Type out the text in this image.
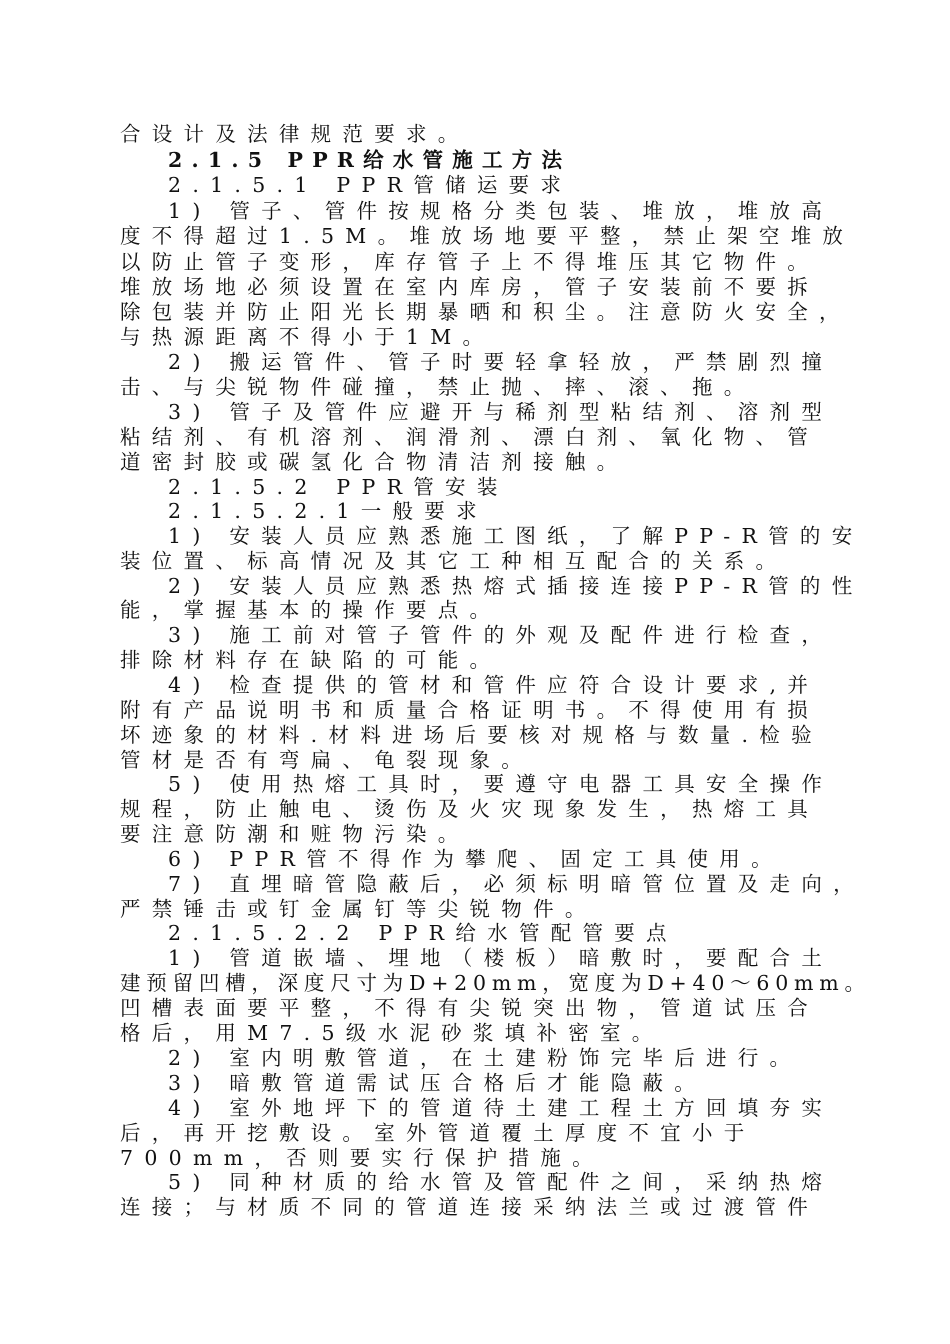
合设计及法律规范要求。
2.1.5 PPR给水管施工方法
2.1.5.1 PPR管储运要求
1) 管子、管件按规格分类包装、堆放，堆放高
度不得超过1.5M。堆放场地要平整，禁止架空堆放
以防止管子变形，库存管子上不得堆压其它物件。
堆放场地必须设置在室内库房，管子安装前不要拆
除包装并防止阳光长期暴晒和积尘。注意防火安全，
与热源距离不得小于1M。
2) 搬运管件、管子时要轻拿轻放，严禁剧烈撞
击、与尖锐物件碰撞，禁止抛、摔、滚、拖。
3) 管子及管件应避开与稀剂型粘结剂、溶剂型
粘结剂、有机溶剂、润滑剂、漂白剂、氧化物、管
道密封胶或碳氢化合物清洁剂接触。
2.1.5.2 PPR管安装
2.1.5.2.1一般要求
1) 安装人员应熟悉施工图纸，了解PP-R管的安
装位置、标高情况及其它工种相互配合的关系。
2) 安装人员应熟悉热熔式插接连接PP-R管的性
能，掌握基本的操作要点。
3) 施工前对管子管件的外观及配件进行检查，
排除材料存在缺陷的可能。
4) 检查提供的管材和管件应符合设计要求,并
附有产品说明书和质量合格证明书。不得使用有损
坏迹象的材料.材料进场后要核对规格与数量.检验
管材是否有弯扁、龟裂现象。
5) 使用热熔工具时，要遵守电器工具安全操作
规程，防止触电、烫伤及火灾现象发生，热熔工具
要注意防潮和赃物污染。
6) PPR管不得作为攀爬、固定工具使用。
7) 直埋暗管隐蔽后，必须标明暗管位置及走向，
严禁锤击或钉金属钉等尖锐物件。
2.1.5.2.2 PPR给水管配管要点
1) 管道嵌墙、埋地（楼板）暗敷时，要配合土
建预留凹槽，深度尺寸为D+20mm，宽度为D+40～60mm。
凹槽表面要平整，不得有尖锐突出物，管道试压合
格后，用M7.5级水泥砂浆填补密室。
2) 室内明敷管道，在土建粉饰完毕后进行。
3) 暗敷管道需试压合格后才能隐蔽。
4) 室外地坪下的管道待土建工程土方回填夯实
后，再开挖敷设。室外管道覆土厚度不宜小于
700mm，否则要实行保护措施。
5) 同种材质的给水管及管配件之间，采纳热熔
连接；与材质不同的管道连接采纳法兰或过渡管件
